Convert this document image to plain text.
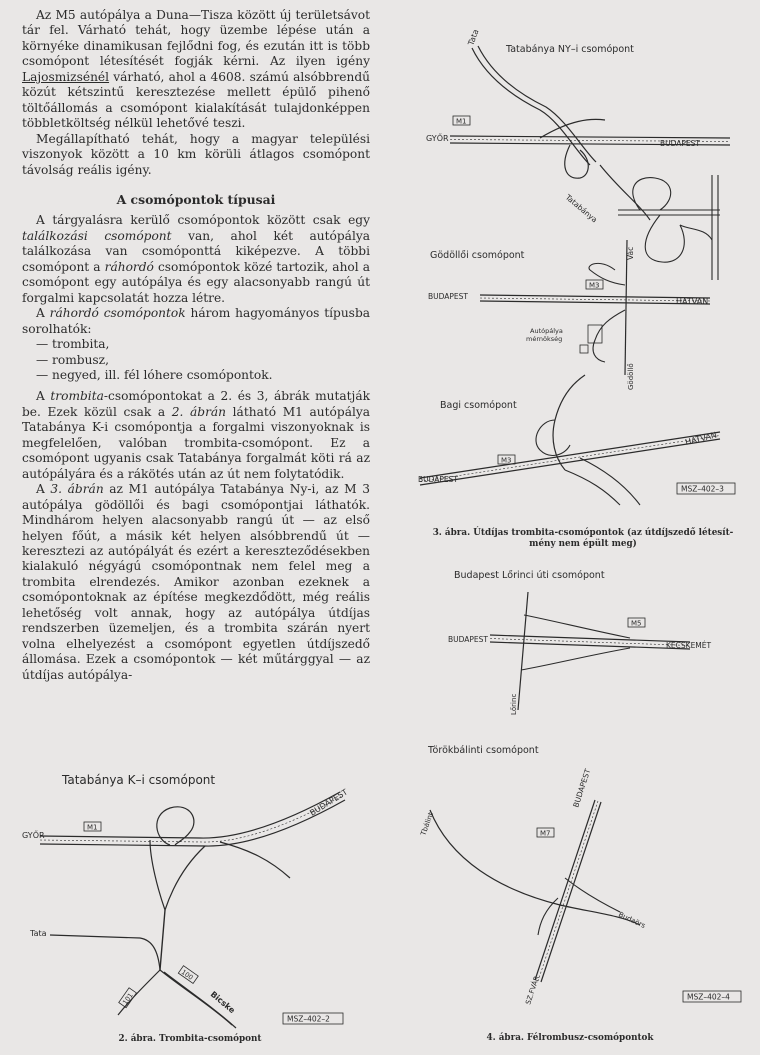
Az M5 autópálya a Duna—Tisza között új területsávot tár fel. Várható tehát, hogy üzembe lépése után a környéke dinamikusan fejlődni fog, és ezután itt is több csomópont létesítését fogják kérni. Az ilyen igény Lajosmizsénél várható, ahol a 4608. számú alsóbbrendű közút kétszintű keresztezése mellett épülő pihenő töltőállomás a csomópont kialakítását tulajdonképpen többletköltség nélkül lehetővé teszi.

Megállapítható tehát, hogy a magyar települési viszonyok között a 10 km körüli átlagos csomópont távolság reális igény.

A csomópontok típusai

A tárgyalásra kerülő csomópontok között csak egy találkozási csomópont van, ahol két autópálya találkozása van csomóponttá kiképezve. A többi csomópont a ráhordó csomópontok közé tartozik, ahol a csomópont egy autópálya és egy alacsonyabb rangú út forgalmi kapcsolatát hozza létre.

A ráhordó csomópontok három hagyományos típusba sorolhatók:

— trombita,
— rombusz,
— negyed, ill. fél lóhere csomópontok.

A trombita-csomópontokat a 2. és 3, ábrák mutatják be. Ezek közül csak a 2. ábrán látható M1 autópálya Tatabánya K-i csomópontja a forgalmi viszonyoknak is megfelelően, valóban trombita-csomópont. Ez a csomópont ugyanis csak Tatabánya forgalmát köti rá az autópályára és a rákötés után az út nem folytatódik.

A 3. ábrán az M1 autópálya Tatabánya Ny-i, az M 3 autópálya gödöllői és bagi csomópontjai láthatók. Mindhárom helyen alacsonyabb rangú út — az első helyen főút, a másik két helyen alsóbbrendű út — keresztezi az autópályát és ezért a kereszteződésekben kialakuló négyágú csomópontnak nem felel meg a trombita elrendezés. Amikor azonban ezeknek a csomópontoknak az építése megkezdődött, még reális lehetőség volt annak, hogy az autópálya útdíjas rendszerben üzemeljen, és a trombita szárán nyert volna elhelyezést a csomópont egyetlen útdíjszedő állomása. Ezek a csomópontok — két műtárggyal — az útdíjas autópálya-

Tatabánya K–i csomópont
GYŐR
M1
BUDAPEST
Tata
100
101	Bicske
MSZ–402–2
2. ábra. Trombita-csomópont
Tata
Tatabánya NY–i csomópont
M1
GYŐR
BUDAPEST
Tatabánya
Gödöllői csomópont	Vác
M3
BUDAPEST
HATVAN
Autópálya
mérnökség
Gödöllő
Bagi csomópont
M3
HATVAN
BUDAPEST
MSZ–402–3
3. ábra. Útdíjas trombita-csomópontok (az útdíjszedő létesít-
mény nem épült meg)
Budapest Lőrinci úti csomópont
M5
BUDAPEST
KECSKEMÉT
Lőrinc
Törökbálinti csomópont
M7
BUDAPEST
Tbálint
Budaörs
SZ.FVÁR	MSZ–402–4
4. ábra. Félrombusz-csomópontok
